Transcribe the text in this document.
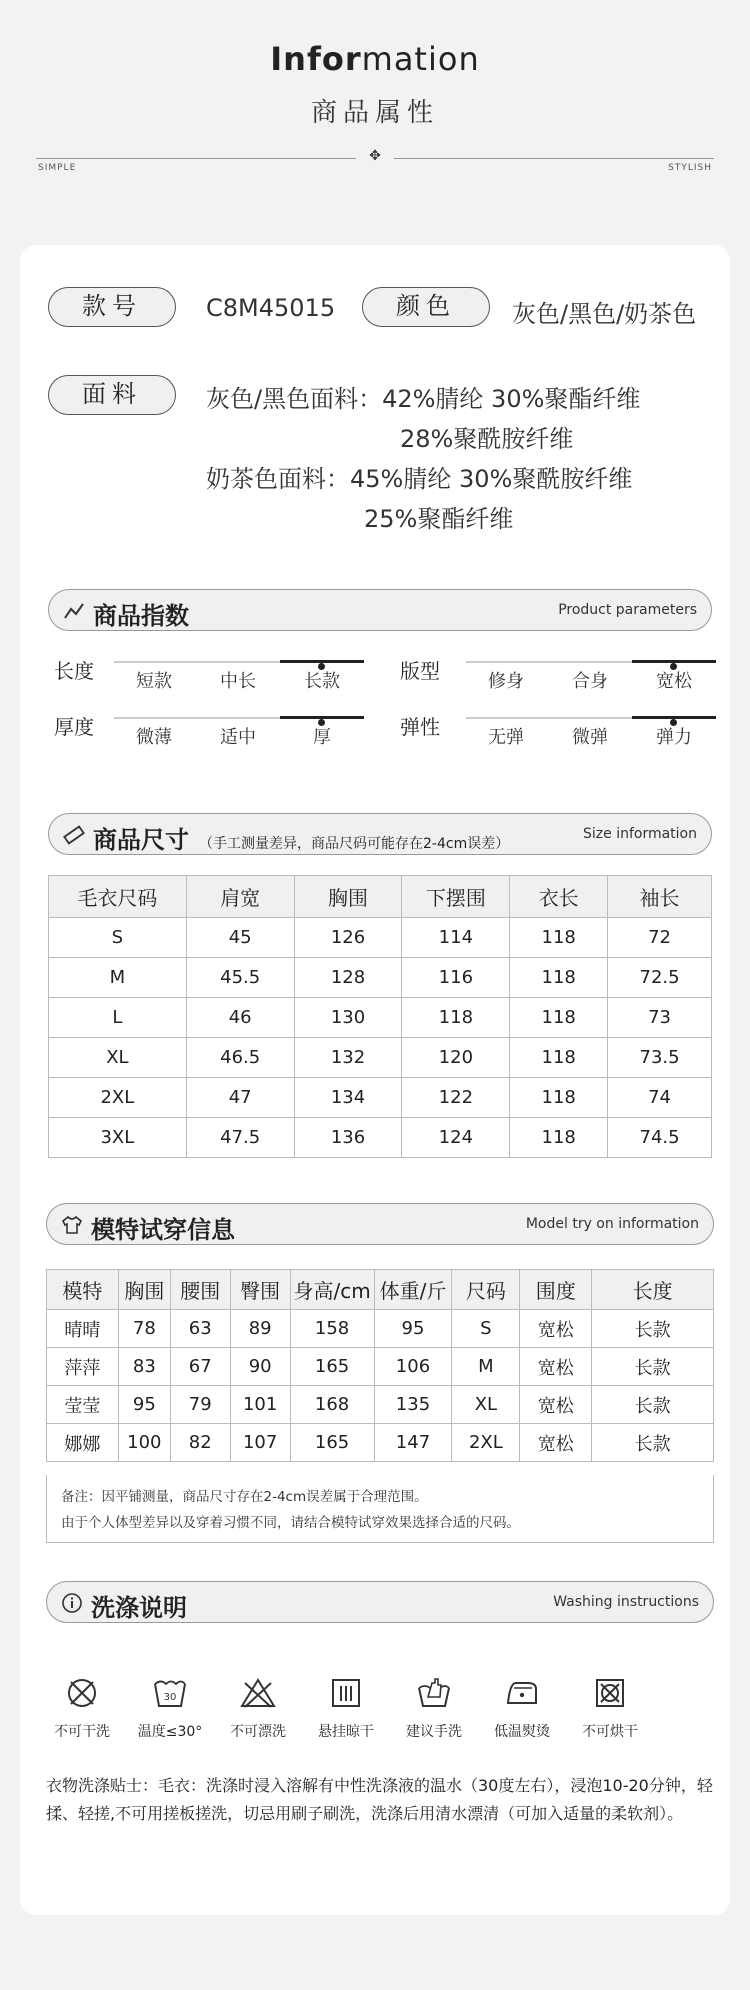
Information
商品属性
✥
SIMPLE	STYLISH
款号	C8M45015	颜色	灰色/黑色/奶茶色
面料	灰色/黑色面料：42%腈纶 30%聚酯纤维
28%聚酰胺纤维
奶茶色面料：45%腈纶 30%聚酰胺纤维
25%聚酯纤维
商品指数	Product parameters
长度	短款	中长	长款	版型	修身	合身	宽松
厚度	微薄	适中	厚	弹性	无弹	微弹	弹力
商品尺寸 （手工测量差异，商品尺码可能存在2-4cm误差）
Size information
毛衣尺码	肩宽	胸围	下摆围	衣长	袖长
S	45	126	114	118	72
M	45.5	128	116	118	72.5
L	46	130	118	118	73
XL	46.5	132	120	118	73.5
2XL	47	134	122	118	74
3XL	47.5	136	124	118	74.5
模特试穿信息	Model try on information
模特	胸围	腰围	臀围	身高/cm	体重/斤	尺码	围度	长度
晴晴	78	63	89	158	95	S	宽松	长款
萍萍	83	67	90	165	106	M	宽松	长款
莹莹	95	79	101	168	135	XL	宽松	长款
娜娜	100	82	107	165	147	2XL	宽松	长款
备注：因平铺测量，商品尺寸存在2-4cm误差属于合理范围。
由于个人体型差异以及穿着习惯不同，请结合模特试穿效果选择合适的尺码。
洗涤说明	Washing instructions
不可干洗
30
温度≤30°	不可漂洗	悬挂晾干	建议手洗	低温熨烫	不可烘干
衣物洗涤贴士：毛衣：洗涤时浸入溶解有中性洗涤液的温水（30度左右），浸泡10-20分钟，轻揉、轻搓,不可用搓板搓洗，切忌用刷子刷洗，洗涤后用清水漂清（可加入适量的柔软剂）。
